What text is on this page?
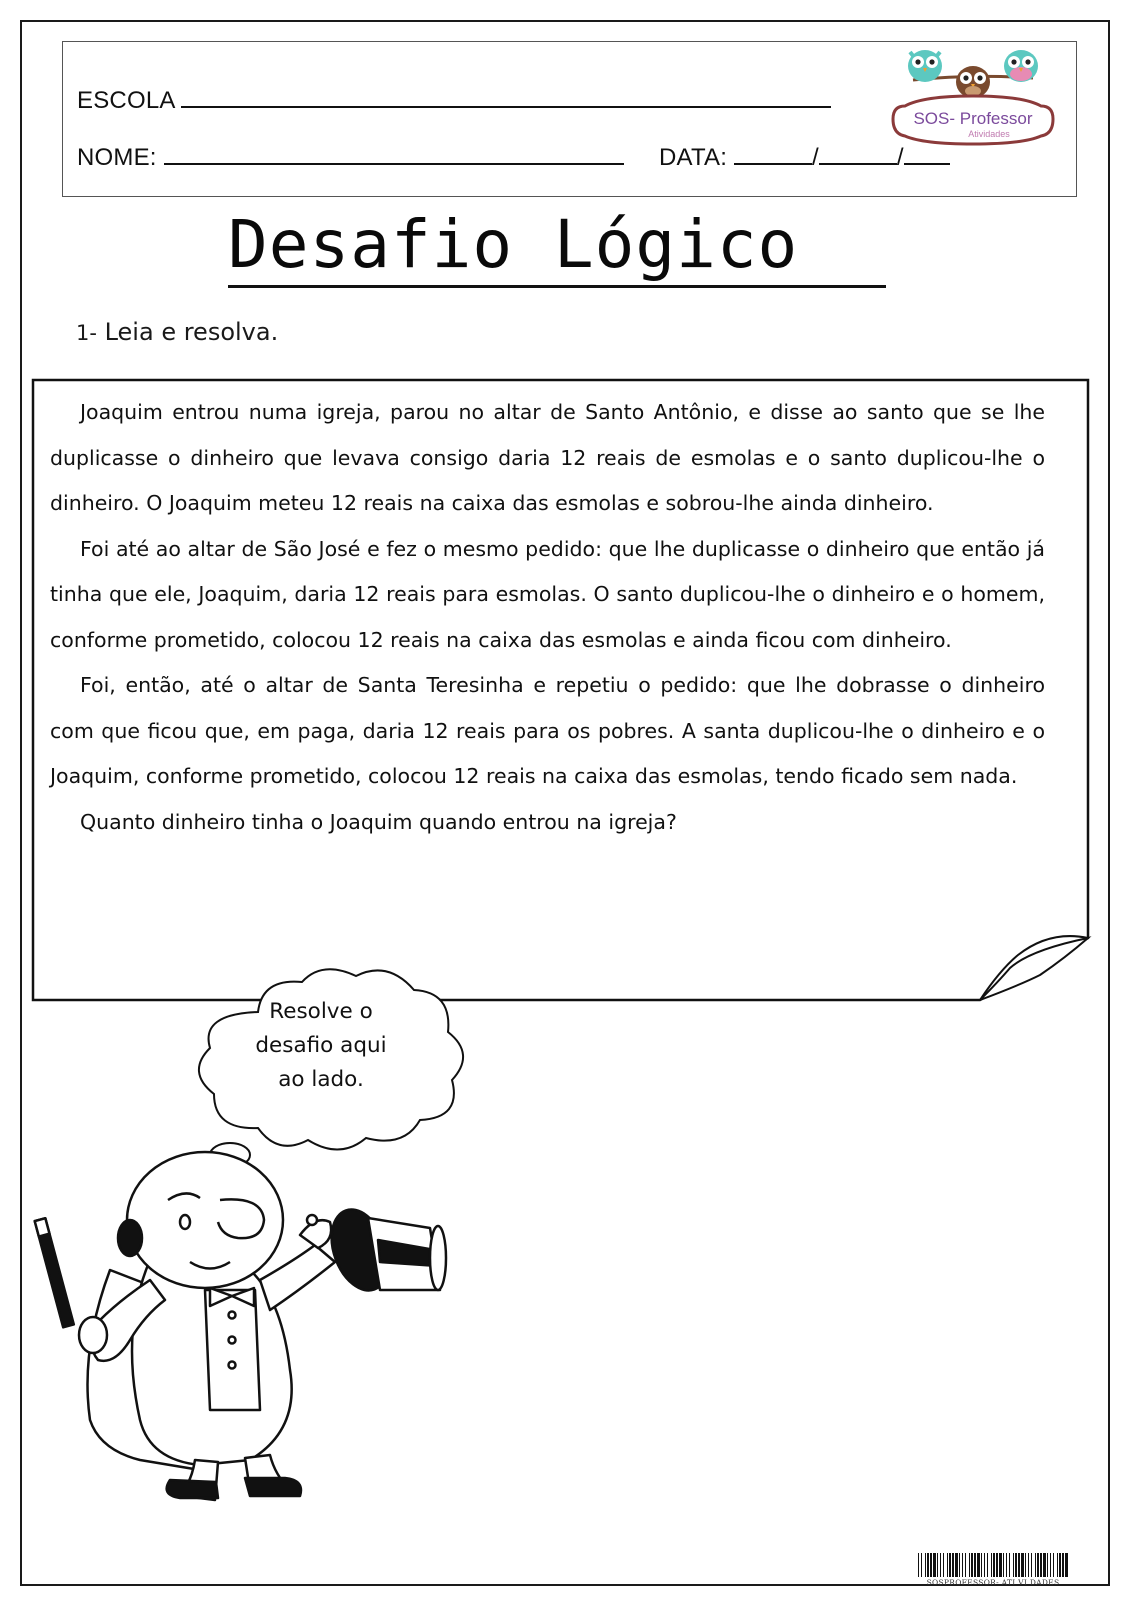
ESCOLA
NOME:	DATA:	/	/
SOS- Professor
Atividades
Desafio Lógico
1- Leia e resolva.

Joaquim entrou numa igreja, parou no altar de Santo Antônio, e disse ao santo que se lhe duplicasse o dinheiro que levava consigo daria 12 reais de esmolas e o santo duplicou-lhe o dinheiro. O Joaquim meteu 12 reais na caixa das esmolas e sobrou-lhe ainda dinheiro.

Foi até ao altar de São José e fez o mesmo pedido: que lhe duplicasse o dinheiro que então já tinha que ele, Joaquim, daria 12 reais para esmolas. O santo duplicou-lhe o dinheiro e o homem, conforme prometido, colocou 12 reais na caixa das esmolas e ainda ficou com dinheiro.

Foi, então, até o altar de Santa Teresinha e repetiu o pedido: que lhe dobrasse o dinheiro com que ficou que, em paga, daria 12 reais para os pobres. A santa duplicou-lhe o dinheiro e o Joaquim, conforme prometido, colocou 12 reais na caixa das esmolas, tendo ficado sem nada.

Quanto dinheiro tinha o Joaquim quando entrou na igreja?

Resolve o
desafio aqui
ao lado.
SOSPROFESSOR- ATI VI DADES
